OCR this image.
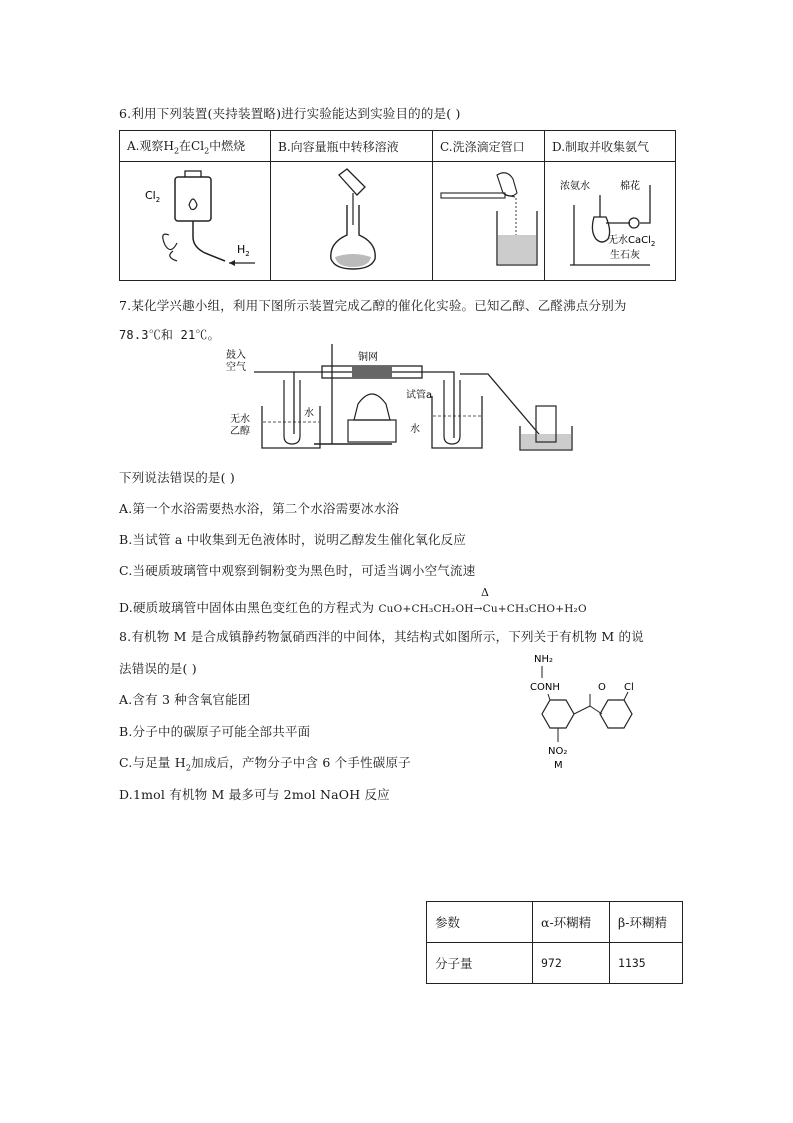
6.利用下列装置(夹持装置略)进行实验能达到实验目的的是( )
A.观察$H_2$在$Cl_2$中燃烧	B.向容量瓶中转移溶液	C.洗涤滴定管口	D.制取并收集氨气

$Cl_2$
$H_2$			浓氨水 棉花
无水CaCl$_2$
生石灰
7.某化学兴趣小组，利用下图所示装置完成乙醇的催化化实验。已知乙醇、乙醛沸点分别为
78.3℃和 21℃。
鼓入
空气
无水
乙醇
水
铜网
试管a
水
下列说法错误的是( )
A.第一个水浴需要热水浴，第二个水浴需要冰水浴
B.当试管 a 中收集到无色液体时，说明乙醇发生催化氧化反应
C.当硬质玻璃管中观察到铜粉变为黑色时，可适当调小空气流速
Δ
D.硬质玻璃管中固体由黑色变红色的方程式为 CuO+CH₃CH₂OH→Cu+CH₃CHO+H₂O
8.有机物 M 是合成镇静药物氯硝西泮的中间体，其结构式如图所示，下列关于有机物 M 的说
法错误的是( )
A.含有 3 种含氧官能团
B.分子中的碳原子可能全部共平面
C.与足量 $H_2$加成后，产物分子中含 6 个手性碳原子
D.1mol 有机物 M 最多可与 2mol NaOH 反应
NH₂
CONH	O Cl
NO₂
M
参数	α-环糊精	β-环糊精
分子量	972	1135
